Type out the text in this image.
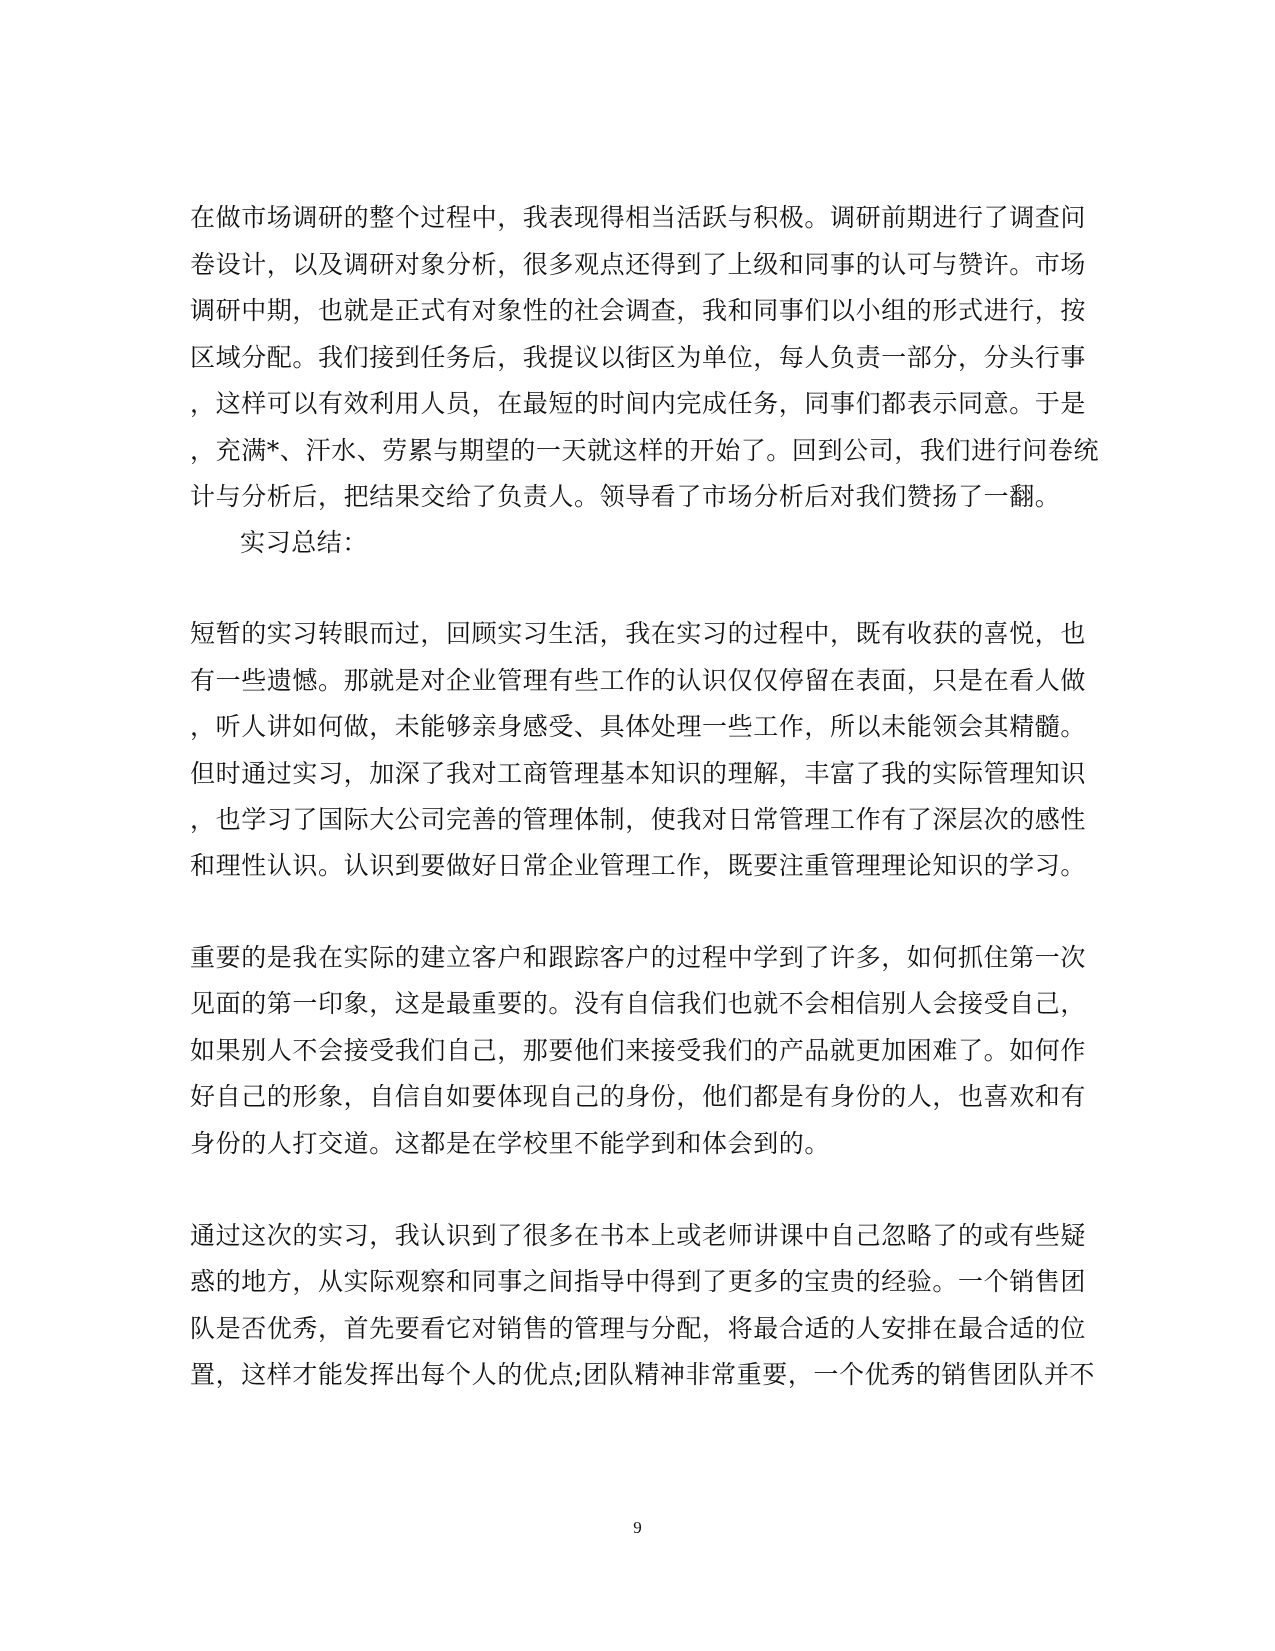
在做市场调研的整个过程中，我表现得相当活跃与积极。调研前期进行了调查问
卷设计，以及调研对象分析，很多观点还得到了上级和同事的认可与赞许。市场
调研中期，也就是正式有对象性的社会调查，我和同事们以小组的形式进行，按
区域分配。我们接到任务后，我提议以街区为单位，每人负责一部分，分头行事
，这样可以有效利用人员，在最短的时间内完成任务，同事们都表示同意。于是
，充满*、汗水、劳累与期望的一天就这样的开始了。回到公司，我们进行问卷统
计与分析后，把结果交给了负责人。领导看了市场分析后对我们赞扬了一翻。
实习总结：
短暂的实习转眼而过，回顾实习生活，我在实习的过程中，既有收获的喜悦，也
有一些遗憾。那就是对企业管理有些工作的认识仅仅停留在表面，只是在看人做
，听人讲如何做，未能够亲身感受、具体处理一些工作，所以未能领会其精髓。
但时通过实习，加深了我对工商管理基本知识的理解，丰富了我的实际管理知识
，也学习了国际大公司完善的管理体制，使我对日常管理工作有了深层次的感性
和理性认识。认识到要做好日常企业管理工作，既要注重管理理论知识的学习。
重要的是我在实际的建立客户和跟踪客户的过程中学到了许多，如何抓住第一次
见面的第一印象，这是最重要的。没有自信我们也就不会相信别人会接受自己，
如果别人不会接受我们自己，那要他们来接受我们的产品就更加困难了。如何作
好自己的形象，自信自如要体现自己的身份，他们都是有身份的人，也喜欢和有
身份的人打交道。这都是在学校里不能学到和体会到的。
通过这次的实习，我认识到了很多在书本上或老师讲课中自己忽略了的或有些疑
惑的地方，从实际观察和同事之间指导中得到了更多的宝贵的经验。一个销售团
队是否优秀，首先要看它对销售的管理与分配，将最合适的人安排在最合适的位
置，这样才能发挥出每个人的优点;团队精神非常重要，一个优秀的销售团队并不
9
